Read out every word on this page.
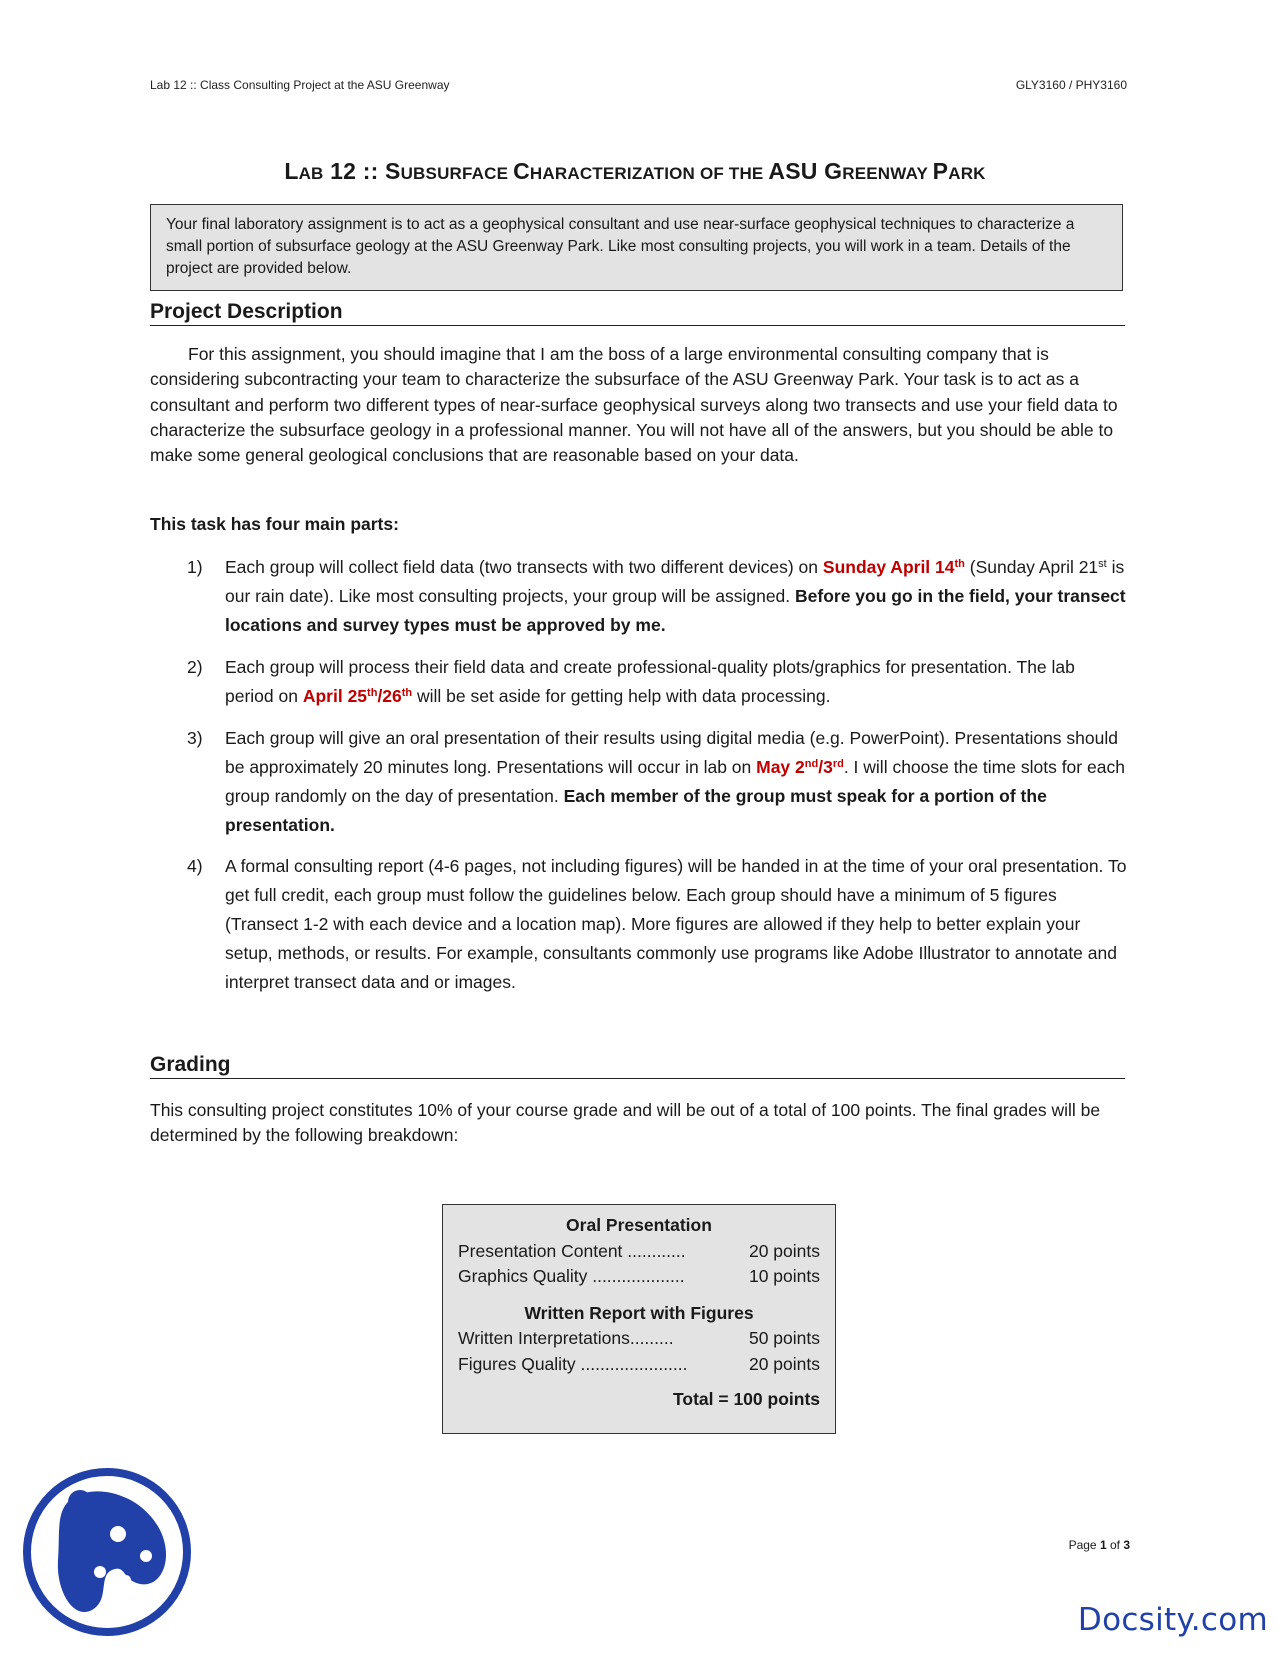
Lab 12 :: Class Consulting Project at the ASU Greenway	GLY3160 / PHY3160
LAB 12 :: SUBSURFACE CHARACTERIZATION OF THE ASU GREENWAY PARK
Your final laboratory assignment is to act as a geophysical consultant and use near-surface geophysical techniques to characterize a small portion of subsurface geology at the ASU Greenway Park. Like most consulting projects, you will work in a team. Details of the project are provided below.
Project Description
For this assignment, you should imagine that I am the boss of a large environmental consulting company that is considering subcontracting your team to characterize the subsurface of the ASU Greenway Park. Your task is to act as a consultant and perform two different types of near-surface geophysical surveys along two transects and use your field data to characterize the subsurface geology in a professional manner. You will not have all of the answers, but you should be able to make some general geological conclusions that are reasonable based on your data.
This task has four main parts:
1)	Each group will collect field data (two transects with two different devices) on Sunday April 14th (Sunday April 21st is our rain date). Like most consulting projects, your group will be assigned. Before you go in the field, your transect locations and survey types must be approved by me.
2)	Each group will process their field data and create professional-quality plots/graphics for presentation. The lab period on April 25th/26th will be set aside for getting help with data processing.
3)	Each group will give an oral presentation of their results using digital media (e.g. PowerPoint). Presentations should be approximately 20 minutes long. Presentations will occur in lab on May 2nd/3rd. I will choose the time slots for each group randomly on the day of presentation. Each member of the group must speak for a portion of the presentation.
4)	A formal consulting report (4-6 pages, not including figures) will be handed in at the time of your oral presentation. To get full credit, each group must follow the guidelines below. Each group should have a minimum of 5 figures (Transect 1-2 with each device and a location map). More figures are allowed if they help to better explain your setup, methods, or results. For example, consultants commonly use programs like Adobe Illustrator to annotate and interpret transect data and or images.
Grading
This consulting project constitutes 10% of your course grade and will be out of a total of 100 points. The final grades will be determined by the following breakdown:
Oral Presentation
Presentation Content ............	20 points
Graphics Quality ...................	10 points
Written Report with Figures
Written Interpretations.........	50 points
Figures Quality ......................	20 points
Total = 100 points
Page 1 of 3
Docsity.com
